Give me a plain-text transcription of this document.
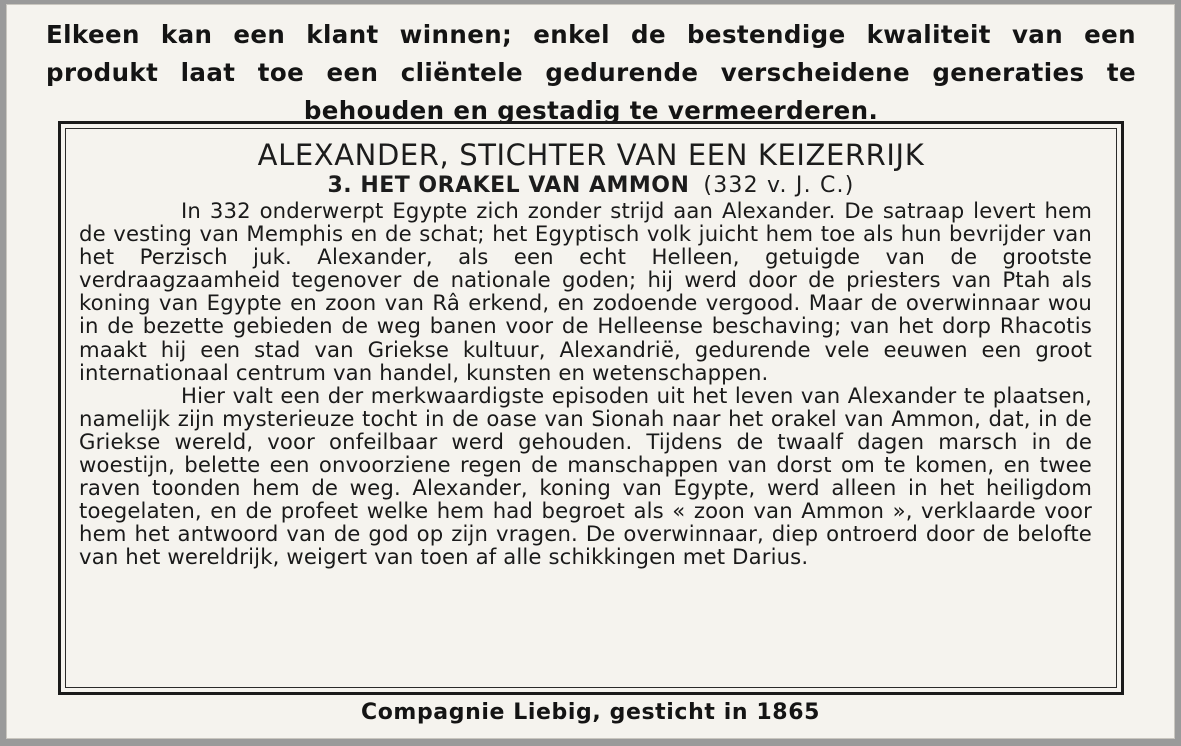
Elkeen kan een klant winnen; enkel de bestendige kwaliteit van een produkt laat toe een cliëntele gedurende verscheidene generaties te behouden en gestadig te vermeerderen.
ALEXANDER, STICHTER VAN EEN KEIZERRIJK
3. HET ORAKEL VAN AMMON (332 v. J. C.)

In 332 onderwerpt Egypte zich zonder strijd aan Alexander. De satraap levert hem de vesting van Memphis en de schat; het Egyptisch volk juicht hem toe als hun bevrijder van het Perzisch juk. Alexander, als een echt Helleen, getuigde van de grootste verdraagzaamheid tegenover de nationale goden; hij werd door de priesters van Ptah als koning van Egypte en zoon van Râ erkend, en zodoende vergood. Maar de overwinnaar wou in de bezette gebieden de weg banen voor de Helleense beschaving; van het dorp Rhacotis maakt hij een stad van Griekse kultuur, Alexandrië, gedurende vele eeuwen een groot internationaal centrum van handel, kunsten en wetenschappen.

Hier valt een der merkwaardigste episoden uit het leven van Alexander te plaatsen, namelijk zijn mysterieuze tocht in de oase van Sionah naar het orakel van Ammon, dat, in de Griekse wereld, voor onfeilbaar werd gehouden. Tijdens de twaalf dagen marsch in de woestijn, belette een onvoorziene regen de manschappen van dorst om te komen, en twee raven toonden hem de weg. Alexander, koning van Egypte, werd alleen in het heiligdom toegelaten, en de profeet welke hem had begroet als « zoon van Ammon », verklaarde voor hem het antwoord van de god op zijn vragen. De overwinnaar, diep ontroerd door de belofte van het wereldrijk, weigert van toen af alle schikkingen met Darius.

Compagnie Liebig, gesticht in 1865
